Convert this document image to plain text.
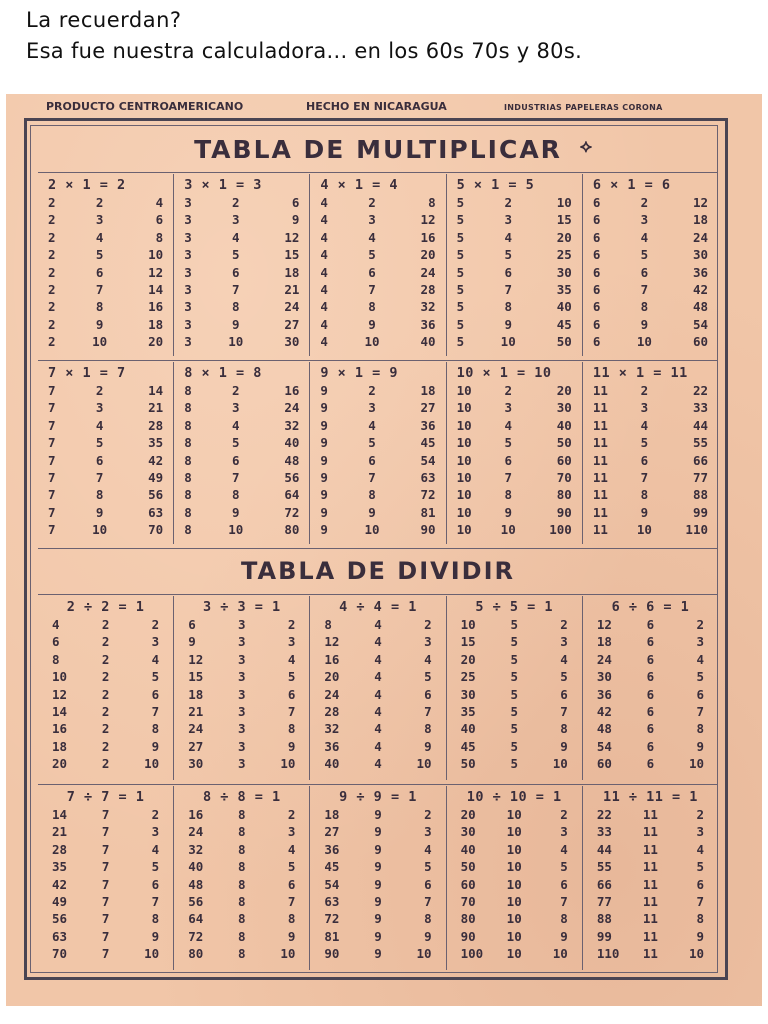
La recuerdan?
Esa fue nuestra calculadora... en los 60s 70s y 80s.
PRODUCTO CENTROAMERICANO	HECHO EN NICARAGUA	INDUSTRIAS PAPELERAS CORONA
TABLA DE MULTIPLICAR	⟡
2 × 1 = 2
2	2	4
2	3	6
2	4	8
2	5	10
2	6	12
2	7	14
2	8	16
2	9	18
2	10	20
3 × 1 = 3
3	2	6
3	3	9
3	4	12
3	5	15
3	6	18
3	7	21
3	8	24
3	9	27
3	10	30
4 × 1 = 4
4	2	8
4	3	12
4	4	16
4	5	20
4	6	24
4	7	28
4	8	32
4	9	36
4	10	40
5 × 1 = 5
5	2	10
5	3	15
5	4	20
5	5	25
5	6	30
5	7	35
5	8	40
5	9	45
5	10	50
6 × 1 = 6
6	2	12
6	3	18
6	4	24
6	5	30
6	6	36
6	7	42
6	8	48
6	9	54
6	10	60
7 × 1 = 7
7	2	14
7	3	21
7	4	28
7	5	35
7	6	42
7	7	49
7	8	56
7	9	63
7	10	70
8 × 1 = 8
8	2	16
8	3	24
8	4	32
8	5	40
8	6	48
8	7	56
8	8	64
8	9	72
8	10	80
9 × 1 = 9
9	2	18
9	3	27
9	4	36
9	5	45
9	6	54
9	7	63
9	8	72
9	9	81
9	10	90
10 × 1 = 10
10	2	20
10	3	30
10	4	40
10	5	50
10	6	60
10	7	70
10	8	80
10	9	90
10	10	100
11 × 1 = 11
11	2	22
11	3	33
11	4	44
11	5	55
11	6	66
11	7	77
11	8	88
11	9	99
11	10	110
TABLA DE DIVIDIR
2 ÷ 2 = 1
4	2	2
6	2	3
8	2	4
10	2	5
12	2	6
14	2	7
16	2	8
18	2	9
20	2	10
3 ÷ 3 = 1
6	3	2
9	3	3
12	3	4
15	3	5
18	3	6
21	3	7
24	3	8
27	3	9
30	3	10
4 ÷ 4 = 1
8	4	2
12	4	3
16	4	4
20	4	5
24	4	6
28	4	7
32	4	8
36	4	9
40	4	10
5 ÷ 5 = 1
10	5	2
15	5	3
20	5	4
25	5	5
30	5	6
35	5	7
40	5	8
45	5	9
50	5	10
6 ÷ 6 = 1
12	6	2
18	6	3
24	6	4
30	6	5
36	6	6
42	6	7
48	6	8
54	6	9
60	6	10
7 ÷ 7 = 1
14	7	2
21	7	3
28	7	4
35	7	5
42	7	6
49	7	7
56	7	8
63	7	9
70	7	10
8 ÷ 8 = 1
16	8	2
24	8	3
32	8	4
40	8	5
48	8	6
56	8	7
64	8	8
72	8	9
80	8	10
9 ÷ 9 = 1
18	9	2
27	9	3
36	9	4
45	9	5
54	9	6
63	9	7
72	9	8
81	9	9
90	9	10
10 ÷ 10 = 1
20	10	2
30	10	3
40	10	4
50	10	5
60	10	6
70	10	7
80	10	8
90	10	9
100	10	10
11 ÷ 11 = 1
22	11	2
33	11	3
44	11	4
55	11	5
66	11	6
77	11	7
88	11	8
99	11	9
110	11	10
